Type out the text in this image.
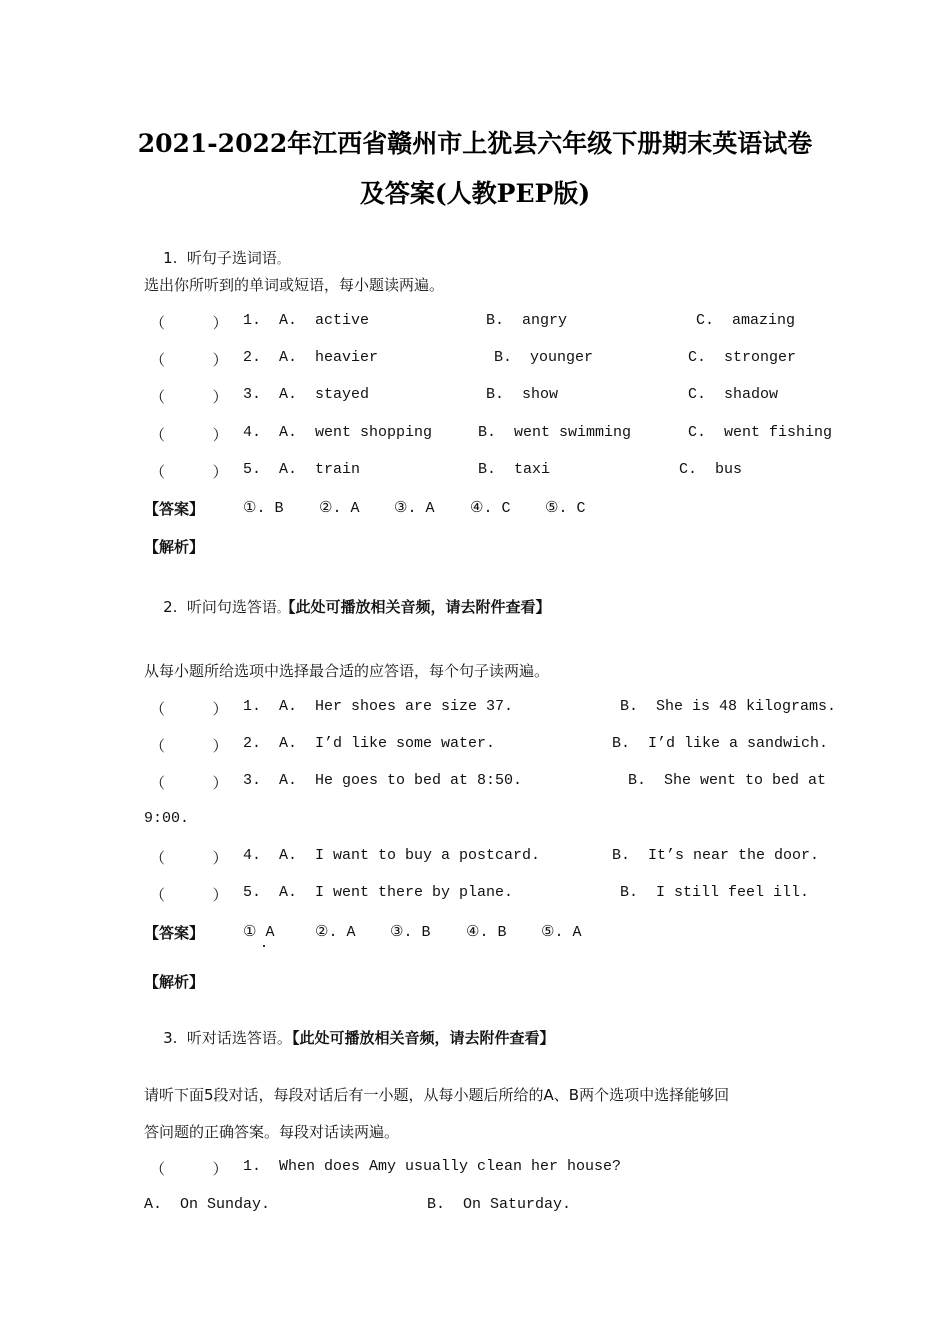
2021-2022年江西省赣州市上犹县六年级下册期末英语试卷
及答案(人教PEP版)

1.  听句子选词语。

选出你所听到的单词或短语，每小题读两遍。
（          ） 1.  A.  active	B.  angry	C.  amazing
（          ） 2.  A.  heavier	B.  younger	C.  stronger
（          ） 3.  A.  stayed	B.  show	C.  shadow
（          ） 4.  A.  went shopping	B.  went swimming	C.  went fishing
（          ） 5.  A.  train	B.  taxi	C.  bus
【答案】	①. B ②. A ③. A ④. C ⑤. C
【解析】

2.  听问句选答语。【此处可播放相关音频，请去附件查看】

从每小题所给选项中选择最合适的应答语，每个句子读两遍。
（          ） 1.  A.  Her shoes are size 37.	B.  She is 48 kilograms.
（          ） 2.  A.  I’d like some water.	B.  I’d like a sandwich.
（          ） 3.  A.  He goes to bed at 8:50.	B.  She went to bed at
9:00.
（          ） 4.  A.  I want to buy a postcard.	B.  It’s near the door.
（          ） 5.  A.  I went there by plane.	B.  I still feel ill.
【答案】	① A	②. A ③. B ④. B ⑤. A
【解析】

3.  听对话选答语。【此处可播放相关音频，请去附件查看】

请听下面5段对话，每段对话后有一小题，从每小题后所给的A、B两个选项中选择能够回
答问题的正确答案。每段对话读两遍。
（          ） 1.  When does Amy usually clean her house?
A.  On Sunday.	B.  On Saturday.
